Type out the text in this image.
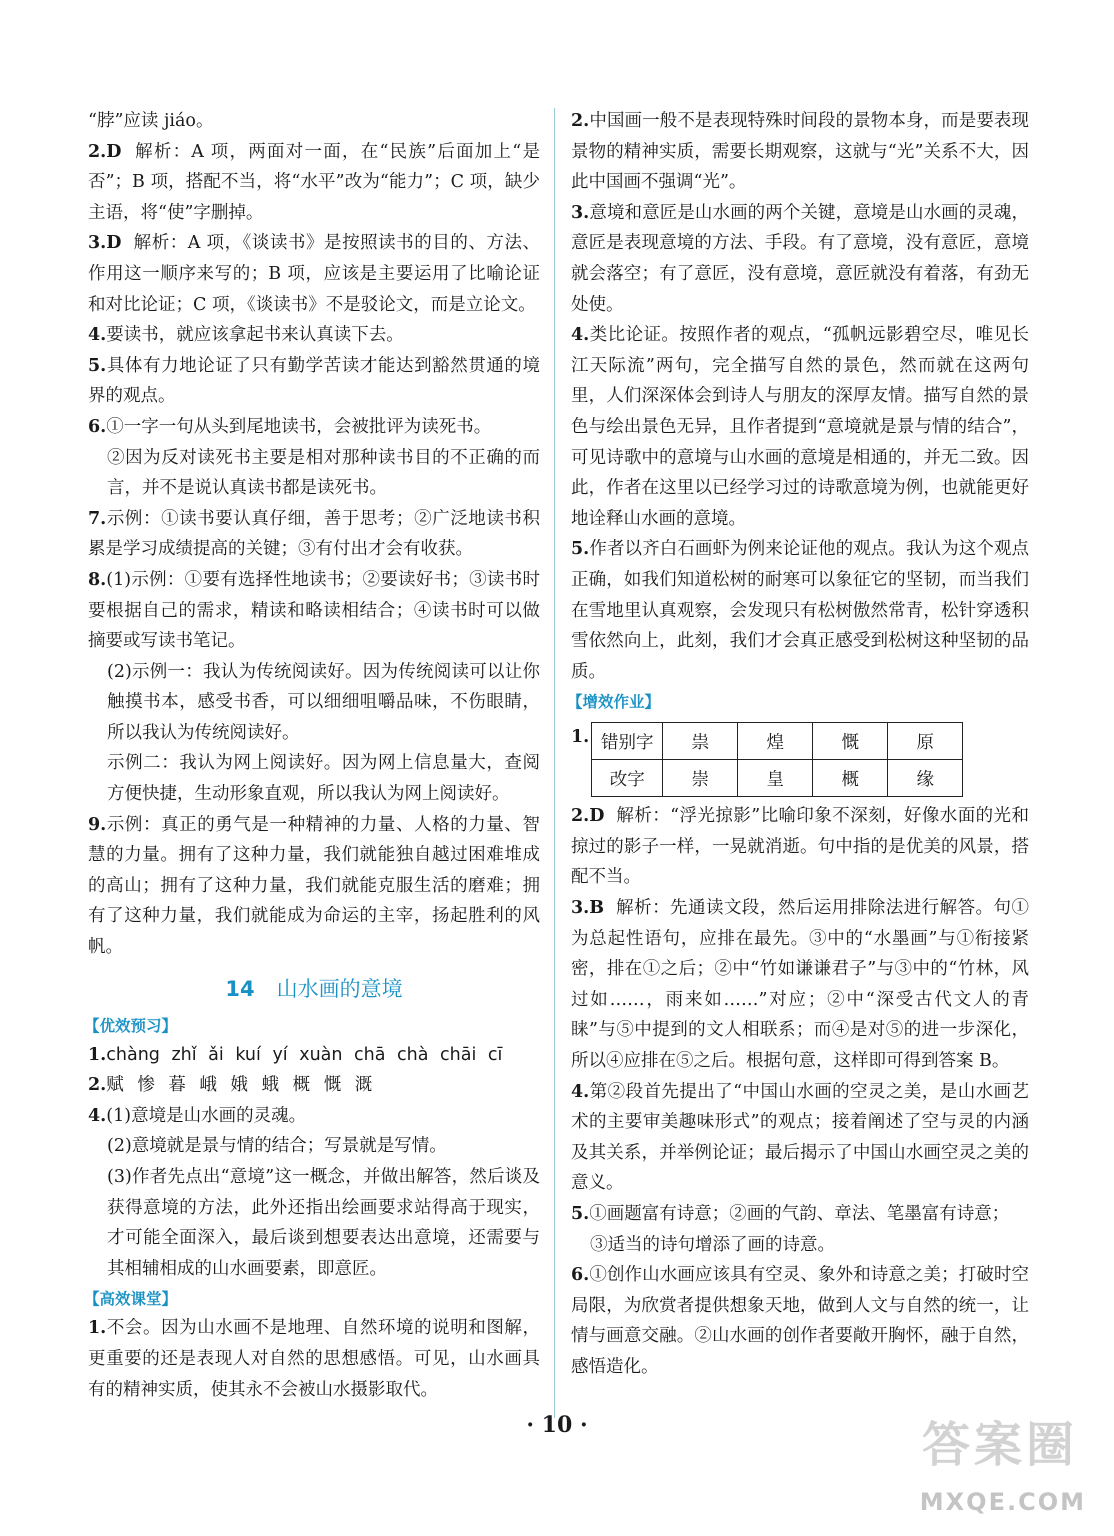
“脖”应读 jiáo。

2.D 解析：A 项，两面对一面，在“民族”后面加上“是否”；B 项，搭配不当，将“水平”改为“能力”；C 项，缺少主语，将“使”字删掉。

3.D 解析：A 项，《谈读书》是按照读书的目的、方法、作用这一顺序来写的；B 项，应该是主要运用了比喻论证和对比论证；C 项，《谈读书》不是驳论文，而是立论文。

4.要读书，就应该拿起书来认真读下去。

5.具体有力地论证了只有勤学苦读才能达到豁然贯通的境界的观点。

6.①一字一句从头到尾地读书，会被批评为读死书。

②因为反对读死书主要是相对那种读书目的不正确的而言，并不是说认真读书都是读死书。

7.示例：①读书要认真仔细，善于思考；②广泛地读书积累是学习成绩提高的关键；③有付出才会有收获。

8.(1)示例：①要有选择性地读书；②要读好书；③读书时要根据自己的需求，精读和略读相结合；④读书时可以做摘要或写读书笔记。

(2)示例一：我认为传统阅读好。因为传统阅读可以让你触摸书本，感受书香，可以细细咀嚼品味，不伤眼睛，所以我认为传统阅读好。

示例二：我认为网上阅读好。因为网上信息量大，查阅方便快捷，生动形象直观，所以我认为网上阅读好。

9.示例：真正的勇气是一种精神的力量、人格的力量、智慧的力量。拥有了这种力量，我们就能独自越过困难堆成的高山；拥有了这种力量，我们就能克服生活的磨难；拥有了这种力量，我们就能成为命运的主宰，扬起胜利的风帆。

14 山水画的意境
【优效预习】

1.chàng zhǐ ǎi kuí yí xuàn chā chà chāi cī

2.赋 惨 暮 峨 娥 蛾 概 慨 溉

4.(1)意境是山水画的灵魂。

(2)意境就是景与情的结合；写景就是写情。

(3)作者先点出“意境”这一概念，并做出解答，然后谈及获得意境的方法，此外还指出绘画要求站得高于现实，才可能全面深入，最后谈到想要表达出意境，还需要与其相辅相成的山水画要素，即意匠。

【高效课堂】

1.不会。因为山水画不是地理、自然环境的说明和图解，更重要的还是表现人对自然的思想感悟。可见，山水画具有的精神实质，使其永不会被山水摄影取代。

2.中国画一般不是表现特殊时间段的景物本身，而是要表现景物的精神实质，需要长期观察，这就与“光”关系不大，因此中国画不强调“光”。

3.意境和意匠是山水画的两个关键，意境是山水画的灵魂，意匠是表现意境的方法、手段。有了意境，没有意匠，意境就会落空；有了意匠，没有意境，意匠就没有着落，有劲无处使。

4.类比论证。按照作者的观点，“孤帆远影碧空尽，唯见长江天际流”两句，完全描写自然的景色，然而就在这两句里，人们深深体会到诗人与朋友的深厚友情。描写自然的景色与绘出景色无异，且作者提到“意境就是景与情的结合”，可见诗歌中的意境与山水画的意境是相通的，并无二致。因此，作者在这里以已经学习过的诗歌意境为例，也就能更好地诠释山水画的意境。

5.作者以齐白石画虾为例来论证他的观点。我认为这个观点正确，如我们知道松树的耐寒可以象征它的坚韧，而当我们在雪地里认真观察，会发现只有松树傲然常青，松针穿透积雪依然向上，此刻，我们才会真正感受到松树这种坚韧的品质。

【增效作业】
1. 错别字	祟	煌	慨	原
改字	崇	皇	概	缘

2.D 解析：“浮光掠影”比喻印象不深刻，好像水面的光和掠过的影子一样，一晃就消逝。句中指的是优美的风景，搭配不当。

3.B 解析：先通读文段，然后运用排除法进行解答。句①为总起性语句，应排在最先。③中的“水墨画”与①衔接紧密，排在①之后；②中“竹如谦谦君子”与③中的“竹林，风过如……，雨来如……”对应；②中“深受古代文人的青睐”与⑤中提到的文人相联系；而④是对⑤的进一步深化，所以④应排在⑤之后。根据句意，这样即可得到答案 B。

4.第②段首先提出了“中国山水画的空灵之美，是山水画艺术的主要审美趣味形式”的观点；接着阐述了空与灵的内涵及其关系，并举例论证；最后揭示了中国山水画空灵之美的意义。

5.①画题富有诗意；②画的气韵、章法、笔墨富有诗意；

③适当的诗句增添了画的诗意。

6.①创作山水画应该具有空灵、象外和诗意之美；打破时空局限，为欣赏者提供想象天地，做到人文与自然的统一，让情与画意交融。②山水画的创作者要敞开胸怀，融于自然，感悟造化。

· 10 ·	答案圈
MXQE.COM
